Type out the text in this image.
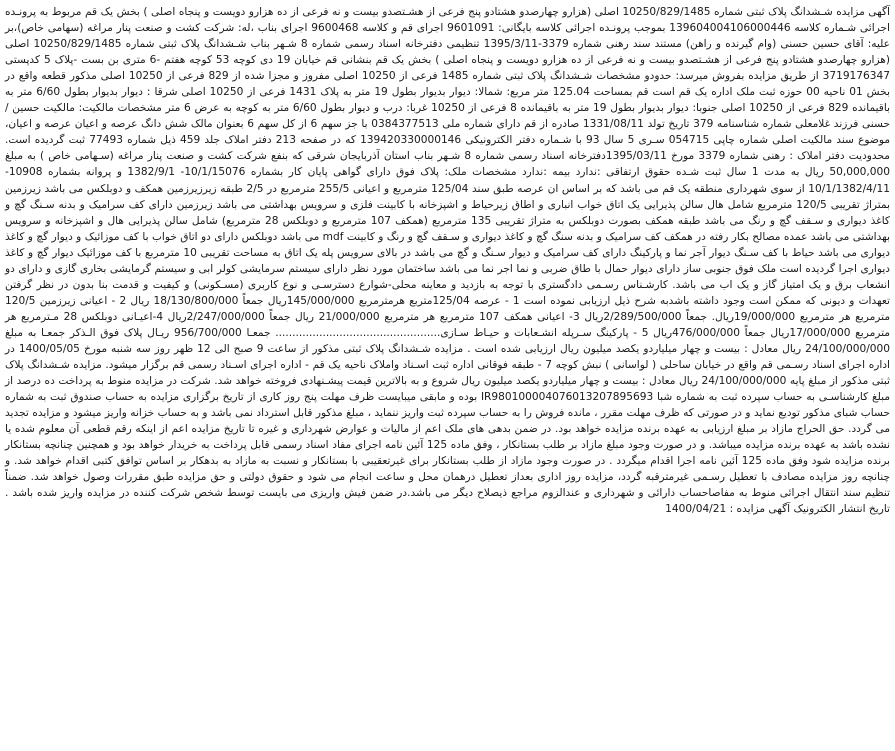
آگهی مزایده شـشدانگ پلاک ثبتی شماره 10250/829/1485 اصلی (هزارو چهارصدو هشتادو پنج فرعی از هشـتصدو بیست و نه فرعی از ده هزارو دویست و پنجاه اصلی ) بخش یک قم مربوط به پرونـده اجرائی شـماره کلاسه 139604004106000446 بموجب پرونـده اجرائی کلاسه بایگانی: 9601091 اجرای قم و کلاسه 9600468 اجرای بناب ،له: شرکت کشت و صنعت پنار مراغه (سهامی خاص)،بر علیه: آقای حسین حسنی (وام گیرنده و راهن) مستند سند رهنی شماره 3379-1395/3/11 تنظیمی دفترخانه اسناد رسمی شماره 8 شـهر بناب شـشدانگ پلاک ثبتی شماره 10250/829/1485 اصلی (هزارو چهارصدو هشتادو پنج فرعی از هشـتصدو بیست و نه فرعی از ده هزارو دویست و پنجاه اصلی ) بخش یک قم بنشانی قم خیابان 19 دی کوچه 53 کوچه هفتم -6 متری بن بست -پلاک 5 کدپستی 3719176347 از طریق مزایده بفروش میرسد: حدودو مشخصات شـشدانگ پلاک ثبتی شماره 1485 فرعی از 10250 اصلی مفروز و مجزا شده از 829 فرعی از 10250 اصلی مذکور قطعه واقع در بخش 01 ناحیه 00 حوزه ثبت ملک اداره یک قم است قم بمساحت 125.04 متر مربع: شمالا: دیوار بدیوار بطول 19 متر به پلاک 1431 فرعی از 10250 اصلی شرقا : دیوار بدیوار بطول 6/60 متر به باقیمانده 829 فرعی از 10250 اصلی جنوبا: دیوار بدیوار بطول 19 متر به باقیمانده 8 فرعی از 10250 غربا: درب و دیوار بطول 6/60 متر به کوچه به عرض 6 متر مشخصات مالکیت: مالکیت حسین / حسنی فرزند غلامعلی شماره شناسنامه 379 تاریخ تولد 1331/08/11 صادره از قم دارای شماره ملی 0384377513 با جز سهم 6 از کل سهم 6 بعنوان مالک شش دانگ عرصه و اعیان عرصه و اعیان، موضوع سند مالکیت اصلی شماره چاپی 054715 سـری 5 سال 93 با شـماره دفتر الکترونیکی 139420330000146 که در صفحه 213 دفتر املاک جلد 459 ذیل شماره 77493 ثبت گردیده است. محدودیت دفتر املاک : رهنی شماره 3379 مورخ 1395/03/11دفترخانه اسناد رسمی شماره 8 شـهر بناب استان آذربایجان شرقی که بنفع شرکت کشت و صنعت پنار مراغه (سـهامی خاص ) به مبلغ 50,000,000 ریال به مدت 1 سال ثبت شـده حقوق ارتفاقی :ندارد بیمه :ندارد مشخصات ملک: پلاک فوق دارای گواهی پایان کار بشماره 10/1/15076- 1382/9/1 و پروانه بشماره 10908-10/1/1382/4/11 از سوی شهرداری منطقه یک قم می باشد که بر اساس ان عرصه طبق سند 125/04 مترمربع و اعیانی 255/5 مترمربع در 2/5 طبقه زیرزیرزمین همکف و دوبلکس می باشد زیرزمین بمتراژ تقریبی 120/5 مترمربع شامل هال سالن پذیرایی یک اتاق خواب انباری و اطاق زیرحیاط و اشپزخانه با کابینت فلزی و سرویس بهداشتی می باشد زیرزمین دارای کف سرامیک و بدنه سـنگ گچ و کاغذ دیواری و سـقف گچ و رنگ می باشد طبقه همکف بصورت دوبلکس به متراژ تقریبی 135 مترمربع (همکف 107 مترمربع و دوبلکس 28 مترمربع) شامل سالن پذیرایی هال و اشپزخانه و سرویس بهداشتی می باشد عمده مصالح بکار رفته در همکف کف سرامیک و بدنه سنگ گچ و کاغذ دیواری و سـقف گچ و رنگ و کابینت mdf می باشد دوبلکس دارای دو اتاق خواب با کف موزائیک و دیوار گچ و کاغذ دیواری می باشد حیاط با کف سـنگ دیوار آجر نما و پارکینگ دارای کف سرامیک و دیوار سـنگ و گچ می باشد در بالای سرویس پله یک اتاق به مساحت تقریبی 10 مترمربع با کف موزائیک دیوار گچ و کاغذ دیواری اجرا گردیده است ملک فوق جنوبی ساز دارای دیوار حمال با طاق ضربی و نما اجر نما می باشد ساختمان مورد نظر دارای سیستم سرمایشی کولر ابی و سیستم گرمایشی بخاری گازی و دارای دو انشعاب برق و یک امتیاز گاز و یک اب می باشد. کارشـناس رسـمی دادگستری با توجه به بازدید و معاینه محلی-شوارع دسترسـی و نوع کاربری (مسـکونی) و کیفیت و قدمت بنا بدون در نظر گرفتن تعهدات و دیونی که ممکن است وجود داشته باشدبه شرح ذیل ارزیابی نموده است 1 - عرصه 125/04متربع هرمترمربع 145/000/000ریال جمعاً 18/130/800/000 ریال 2 - اعیانی زیرزمین 120/5 مترمربع هر مترمربع 19/000/000ریال. جمعاً 2/289/500/000ریال 3- اعیانی همکف 107 مترمربع هر مترمربع 21/000/000 ریال جمعاً 2/247/000/000ریال 4-اعیـانی دوبلکس 28 مـترمربع هر مترمربع 17/000/000ریال جمعاً 476/000/000ریال 5 - پارکینگ سـرپله انشـعابات و حیـاط سـازی................................................. جمعـا 956/700/000 ریـال پلاک فوق الـذکر جمعـا به مبلغ 24/100/000/000 ریال معادل : بیست و چهار میلیاردو یکصد میلیون ریال ارزیابی شده است . مزایده شـشدانگ پلاک ثبتی مذکور از ساعت 9 صبح الی 12 ظهر روز سه شنبه مورخ 1400/05/05 در اداره اجرای اسناد رسـمی قم واقع در خیابان ساحلی ( لواسانی ) نبش کوچه 7 - طبقه فوقانی اداره ثبت اسـناد واملاک ناحیه یک قم - اداره اجرای اسـناد رسمی قم برگزار میشود. مزایده شـشدانگ پلاک ثبتی مذکور از مبلغ پایه 24/100/000/000 ریال معادل : بیست و چهار میلیاردو یکصد میلیون ریال شروع و به بالاترین قیمت پیشـنهادی فروخته خواهد شد. شرکت در مزایده منوط به پرداخت ده درصد از مبلغ کارشناسـی به حساب سپرده ثبت به شماره شبا IR980100004076013207895693 بوده و مابقی میبایست ظرف مهلت پنج روز کاری از تاریخ برگزاری مزایده به حساب صندوق ثبت به شماره حساب شبای مذکور تودیع نماید و در صورتی که ظرف مهلت مقرر ، مانده فروش را به حساب سپرده ثبت واریز ننماید ، مبلغ مذکور قابل استرداد نمی باشد و به حساب خزانه واریز میشود و مزایده تجدید می گردد. حق الحراج مازاد بر مبلغ ارزیابی به عهده برنده مزایده خواهد بود. در ضمن بدهی های ملک اعم از مالیات و عوارض شهرداری و غیره تا تاریخ مزایده اعم از اینکه رقم قطعی آن معلوم شده یا نشده باشد به عهده برنده مزایده میباشد. و در صورت وجود مبلغ مازاد بر طلب بستانکار ، وفق ماده 125 آئین نامه اجرای مفاد اسناد رسمی قابل پرداخت به خریدار خواهد بود و همچنین چنانچه بستانکار برنده مزایده شود وفق ماده 125 آئین نامه اجرا اقدام میگردد . در صورت وجود مازاد از طلب بستانکار برای غیرتعقیبی با بستانکار و نسبت به مازاد به بدهکار بر اساس توافق کتبی اقدام خواهد شد. و چنانچه روز مزایده مصادف با تعطیل رسـمی غیرمترقبه گردد، مزایده روز اداری بعداز تعطیل درهمان محل و ساعت انجام می شود و حقوق دولتی و حق مزایده طبق مقررات وصول خواهد شد. ضمناً تنظیم سند انتقال اجرائی منوط به مفاصاحساب دارائی و شهرداری و عندالزوم مراجع ذیصلاح دیگر می باشد.در ضمن فیش واریزی می بایست توسط شخص شرکت کننده در مزایده واریز شده باشد . تاریخ انتشار الکترونیک آگهی مزایده : 1400/04/21
